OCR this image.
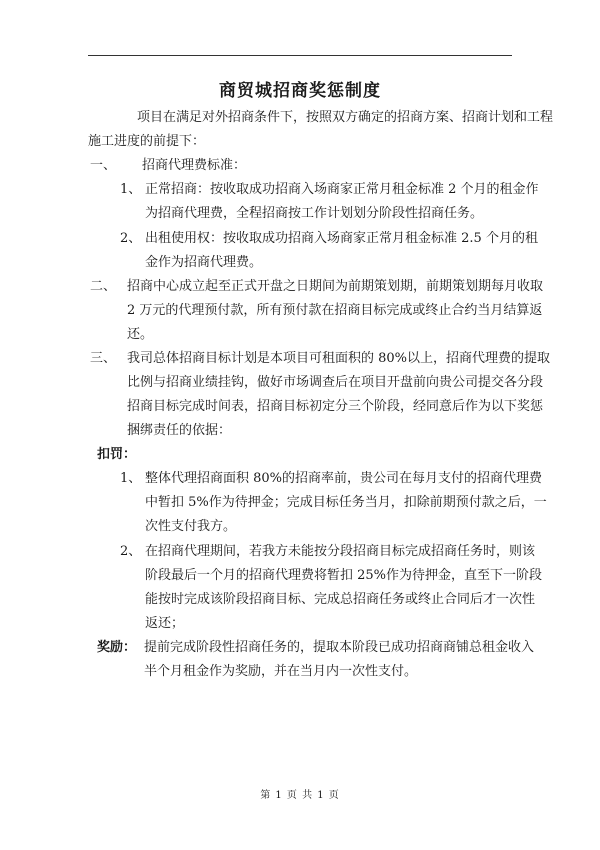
商贸城招商奖惩制度
项目在满足对外招商条件下，按照双方确定的招商方案、招商计划和工程
施工进度的前提下：
一、 招商代理费标准：
1、 正常招商：按收取成功招商入场商家正常月租金标准 2 个月的租金作
为招商代理费，全程招商按工作计划划分阶段性招商任务。
2、 出租使用权：按收取成功招商入场商家正常月租金标准 2.5 个月的租
金作为招商代理费。
二、 招商中心成立起至正式开盘之日期间为前期策划期，前期策划期每月收取
2 万元的代理预付款，所有预付款在招商目标完成或终止合约当月结算返
还。
三、 我司总体招商目标计划是本项目可租面积的 80%以上，招商代理费的提取
比例与招商业绩挂钩，做好市场调查后在项目开盘前向贵公司提交各分段
招商目标完成时间表，招商目标初定分三个阶段，经同意后作为以下奖惩
捆绑责任的依据：
扣罚：
1、 整体代理招商面积 80%的招商率前，贵公司在每月支付的招商代理费
中暂扣 5%作为待押金；完成目标任务当月，扣除前期预付款之后，一
次性支付我方。
2、 在招商代理期间，若我方未能按分段招商目标完成招商任务时，则该
阶段最后一个月的招商代理费将暂扣 25%作为待押金，直至下一阶段
能按时完成该阶段招商目标、完成总招商任务或终止合同后才一次性
返还；
奖励： 提前完成阶段性招商任务的，提取本阶段已成功招商商铺总租金收入
半个月租金作为奖励，并在当月内一次性支付。
第 1 页 共 1 页
